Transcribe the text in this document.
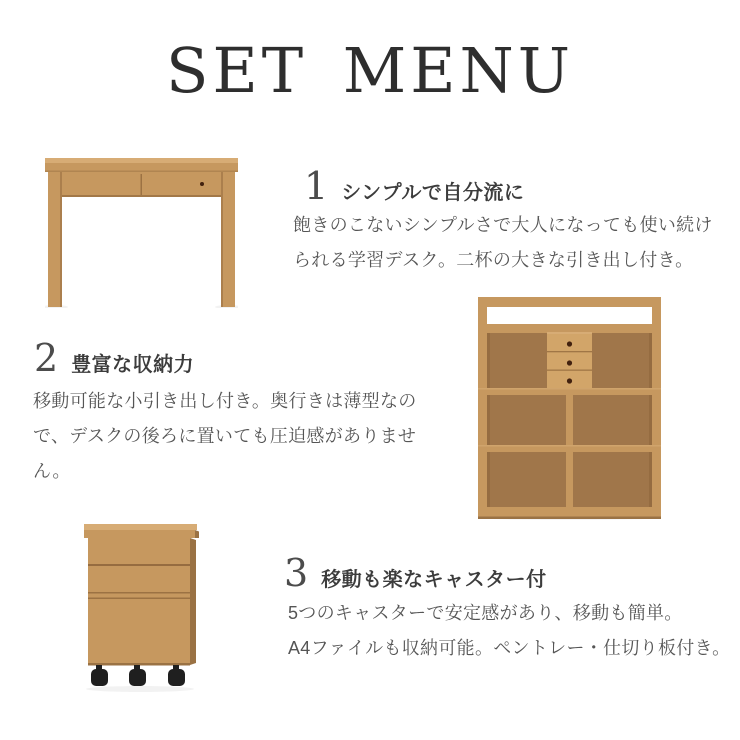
SET MENU
1 シンプルで自分流に
飽きのこないシンプルさで大人になっても使い続け
られる学習デスク。二杯の大きな引き出し付き。
2 豊富な収納力
移動可能な小引き出し付き。奥行きは薄型なの
で、デスクの後ろに置いても圧迫感がありませ
ん。
3 移動も楽なキャスター付
5つのキャスターで安定感があり、移動も簡単。
A4ファイルも収納可能。ペントレー・仕切り板付き。
